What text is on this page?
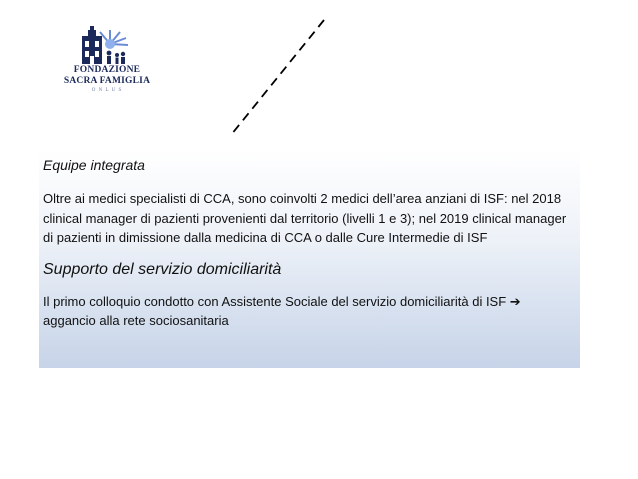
FONDAZIONE
SACRA FAMIGLIA
O N L U S

Equipe integrata

Oltre ai medici specialisti di CCA, sono coinvolti 2 medici dell’area anziani di ISF: nel 2018 clinical manager di pazienti provenienti dal territorio (livelli 1 e 3); nel 2019 clinical manager di pazienti in dimissione dalla medicina di CCA o dalle Cure Intermedie di ISF

Supporto del servizio domiciliarità

Il primo colloquio condotto con Assistente Sociale del servizio domiciliarità di ISF ➔ aggancio alla rete sociosanitaria
